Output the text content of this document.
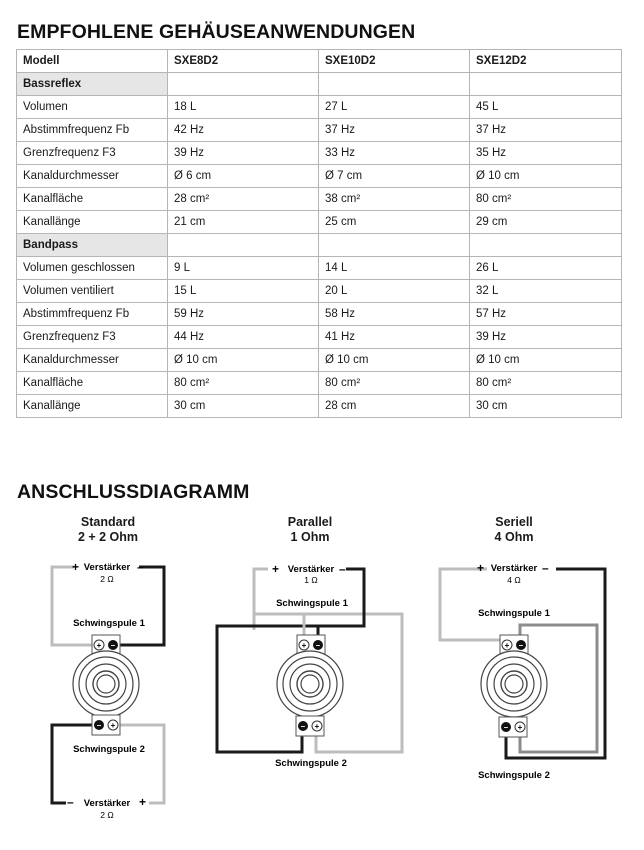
EMPFOHLENE GEHÄUSEANWENDUNGEN
Modell	SXE8D2	SXE10D2	SXE12D2
Bassreflex			
Volumen	18 L	27 L	45 L
Abstimmfrequenz Fb	42 Hz	37 Hz	37 Hz
Grenzfrequenz F3	39 Hz	33 Hz	35 Hz
Kanaldurchmesser	Ø 6 cm	Ø 7 cm	Ø 10 cm
Kanalfläche	28 cm²	38 cm²	80 cm²
Kanallänge	21 cm	25 cm	29 cm
Bandpass			
Volumen geschlossen	9 L	14 L	26 L
Volumen ventiliert	15 L	20 L	32 L
Abstimmfrequenz Fb	59 Hz	58 Hz	57 Hz
Grenzfrequenz F3	44 Hz	41 Hz	39 Hz
Kanaldurchmesser	Ø 10 cm	Ø 10 cm	Ø 10 cm
Kanalfläche	80 cm²	80 cm²	80 cm²
Kanallänge	30 cm	28 cm	30 cm
ANSCHLUSSDIAGRAMM
Standard
2 + 2 Ohm
Parallel
1 Ohm
Seriell
4 Ohm
+ –
– +
+ Verstärker
2 Ω
–
Schwingspule 1
Schwingspule 2
– Verstärker
2 Ω
+
+ –
– +
+ Verstärker
1 Ω
–
Schwingspule 1
Schwingspule 2
+ –
– +
+ Verstärker
4 Ω
–
Schwingspule 1
Schwingspule 2
